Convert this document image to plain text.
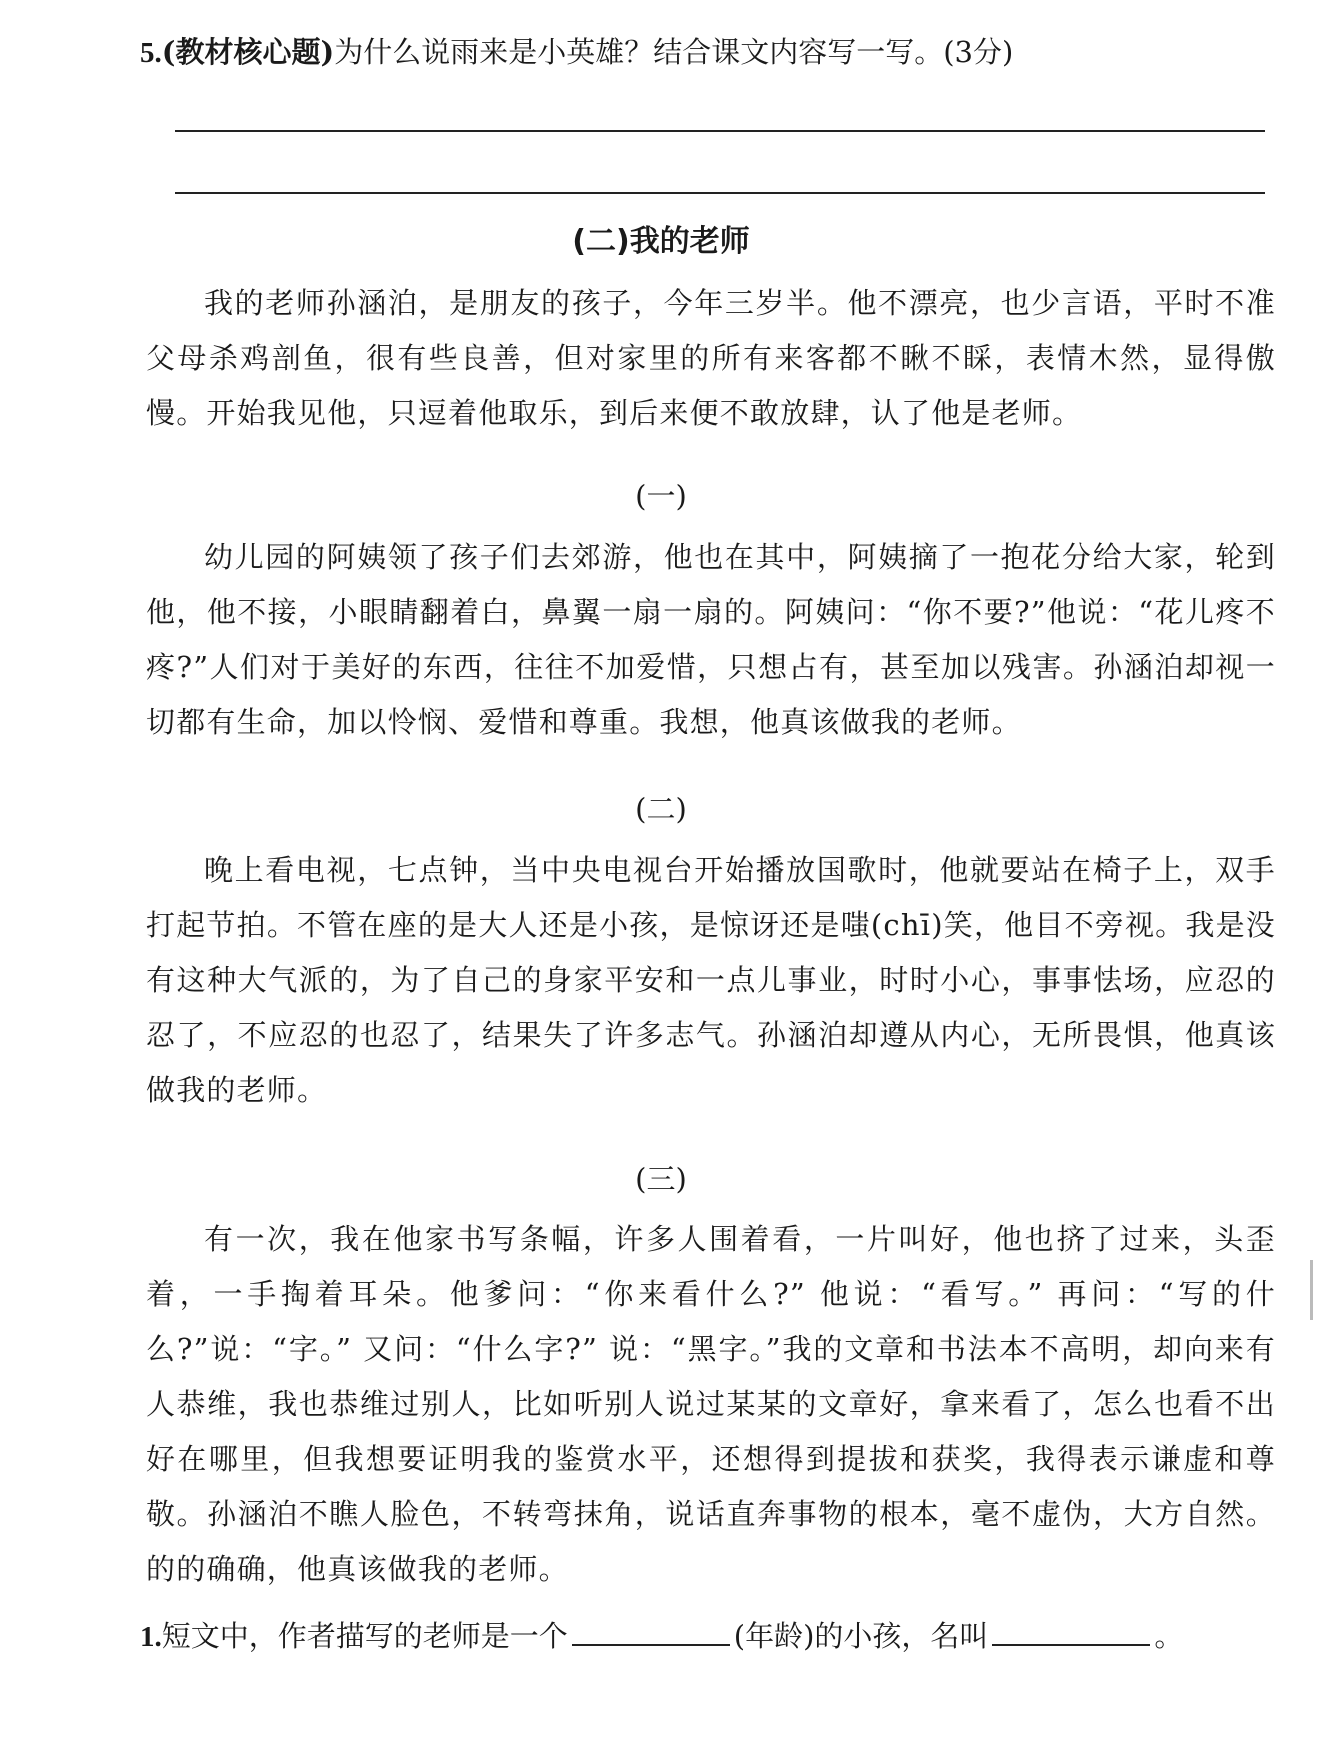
5.(教材核心题)为什么说雨来是小英雄？结合课文内容写一写。(3分)
(二)我的老师

我的老师孙涵泊，是朋友的孩子，今年三岁半。他不漂亮，也少言语，平时不准父母杀鸡剖鱼，很有些良善，但对家里的所有来客都不瞅不睬，表情木然，显得傲慢。开始我见他，只逗着他取乐，到后来便不敢放肆，认了他是老师。

(一)

幼儿园的阿姨领了孩子们去郊游，他也在其中，阿姨摘了一抱花分给大家，轮到他，他不接，小眼睛翻着白，鼻翼一扇一扇的。阿姨问：“你不要?”他说：“花儿疼不疼?”人们对于美好的东西，往往不加爱惜，只想占有，甚至加以残害。孙涵泊却视一切都有生命，加以怜悯、爱惜和尊重。我想，他真该做我的老师。

(二)

晚上看电视，七点钟，当中央电视台开始播放国歌时，他就要站在椅子上，双手打起节拍。不管在座的是大人还是小孩，是惊讶还是嗤(chī)笑，他目不旁视。我是没有这种大气派的，为了自己的身家平安和一点儿事业，时时小心，事事怯场，应忍的忍了，不应忍的也忍了，结果失了许多志气。孙涵泊却遵从内心，无所畏惧，他真该做我的老师。

(三)

有一次，我在他家书写条幅，许多人围着看，一片叫好，他也挤了过来，头歪着，一手掏着耳朵。他爹问：“你来看什么?” 他说：“看写。” 再问：“写的什么?”说：“字。” 又问：“什么字?” 说：“黑字。”我的文章和书法本不高明，却向来有人恭维，我也恭维过别人，比如听别人说过某某的文章好，拿来看了，怎么也看不出好在哪里，但我想要证明我的鉴赏水平，还想得到提拔和获奖，我得表示谦虚和尊敬。孙涵泊不瞧人脸色，不转弯抹角，说话直奔事物的根本，毫不虚伪，大方自然。的的确确，他真该做我的老师。

1.短文中，作者描写的老师是一个	(年龄)的小孩，名叫	。
